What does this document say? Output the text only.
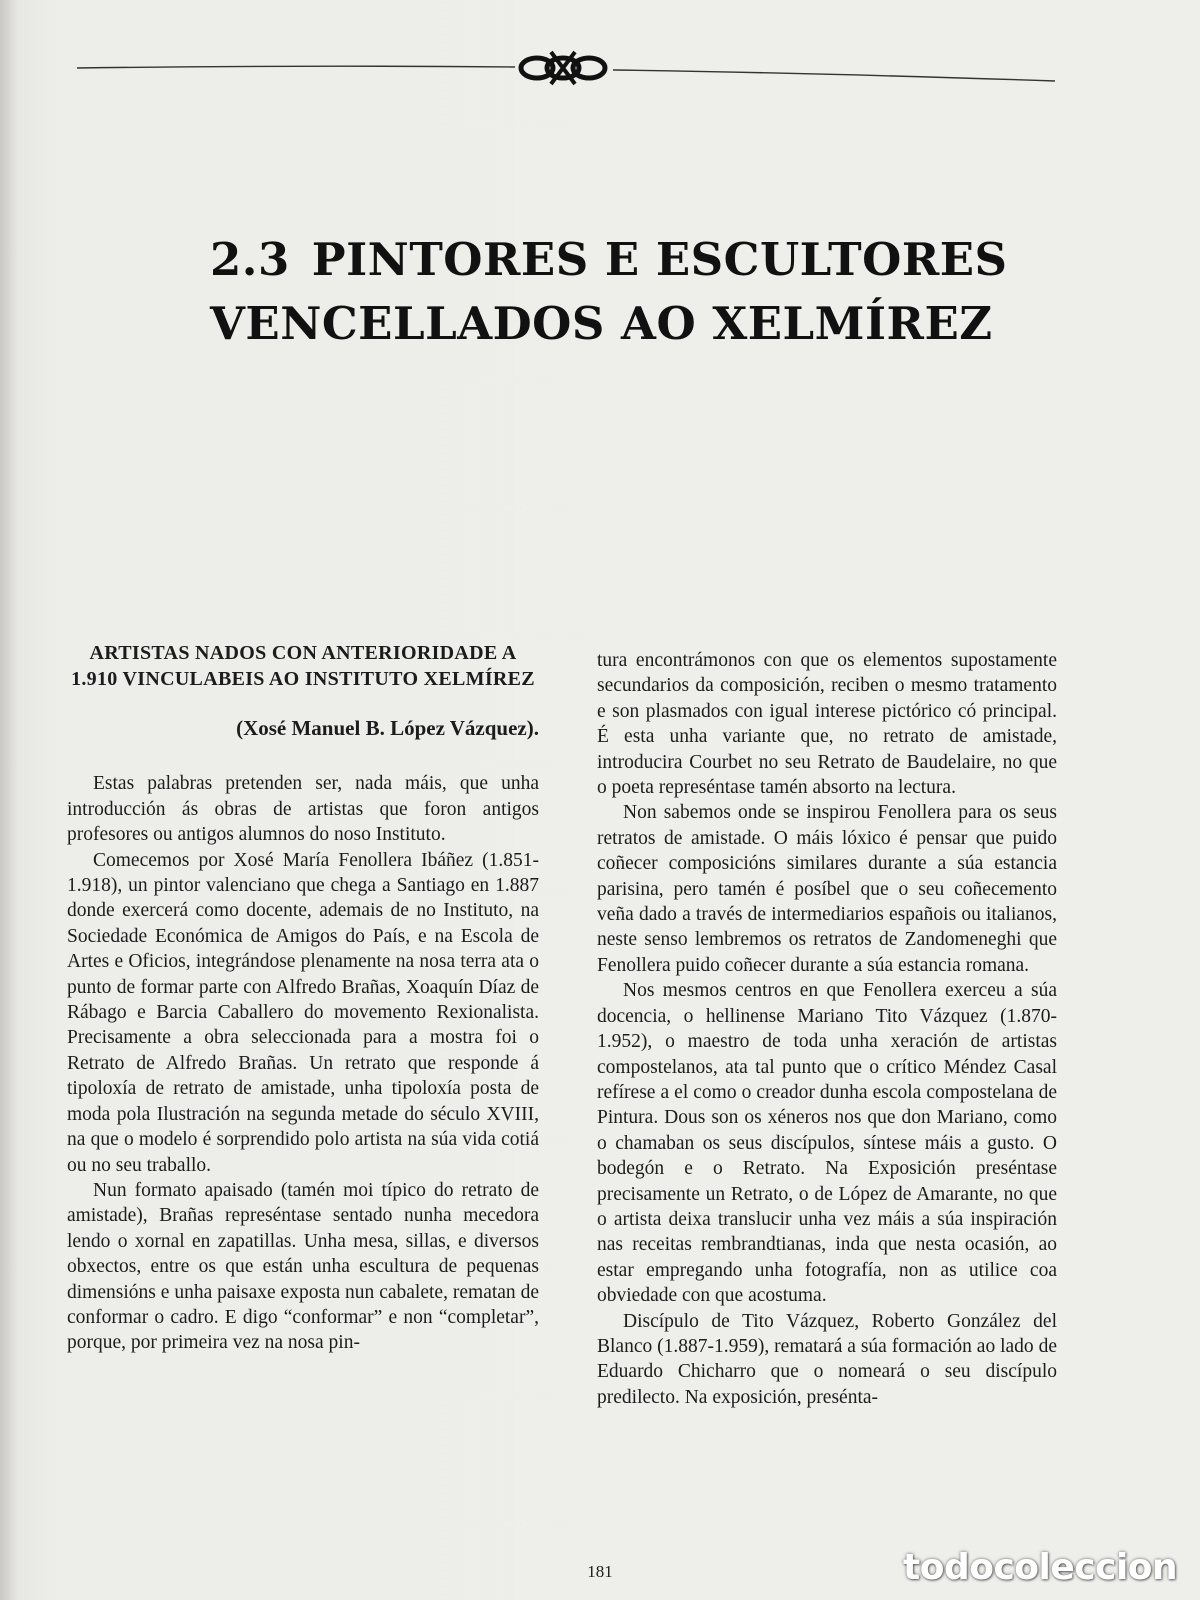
2.3 PINTORES E ESCULTORES
VENCELLADOS AO XELMÍREZ
ARTISTAS NADOS CON ANTERIORIDADE A 1.910 VINCULABEIS AO INSTITUTO XELMÍREZ
(Xosé Manuel B. López Vázquez).

Estas palabras pretenden ser, nada máis, que unha introducción ás obras de artistas que foron antigos profesores ou antigos alumnos do noso Instituto.

Comecemos por Xosé María Fenollera Ibáñez (1.851-1.918), un pintor valenciano que chega a Santiago en 1.887 donde exercerá como docente, ademais de no Instituto, na Sociedade Económica de Amigos do País, e na Escola de Artes e Oficios, integrándose plenamente na nosa terra ata o punto de formar parte con Alfredo Brañas, Xoaquín Díaz de Rábago e Barcia Caballero do movemento Rexionalista. Precisamente a obra seleccionada para a mostra foi o Retrato de Alfredo Brañas. Un retrato que responde á tipoloxía de retrato de amistade, unha tipoloxía posta de moda pola Ilustración na segunda metade do século XVIII, na que o modelo é sorprendido polo artista na súa vida cotiá ou no seu traballo.

Nun formato apaisado (tamén moi típico do retrato de amistade), Brañas represéntase sentado nunha mecedora lendo o xornal en zapatillas. Unha mesa, sillas, e diversos obxectos, entre os que están unha escultura de pequenas dimensións e unha paisaxe exposta nun cabalete, rematan de conformar o cadro. E digo “conformar” e non “completar”, porque, por primeira vez na nosa pin-

tura encontrámonos con que os elementos supostamente secundarios da composición, reciben o mesmo tratamento e son plasmados con igual interese pictórico có principal. É esta unha variante que, no retrato de amistade, introducira Courbet no seu Retrato de Baudelaire, no que o poeta represéntase tamén absorto na lectura.

Non sabemos onde se inspirou Fenollera para os seus retratos de amistade. O máis lóxico é pensar que puido coñecer composicións similares durante a súa estancia parisina, pero tamén é posíbel que o seu coñecemento veña dado a través de intermediarios españois ou italianos, neste senso lembremos os retratos de Zandomeneghi que Fenollera puido coñecer durante a súa estancia romana.

Nos mesmos centros en que Fenollera exerceu a súa docencia, o hellinense Mariano Tito Vázquez (1.870-1.952), o maestro de toda unha xeración de artistas compostelanos, ata tal punto que o crítico Méndez Casal refírese a el como o creador dunha escola compostelana de Pintura. Dous son os xéneros nos que don Mariano, como o chamaban os seus discípulos, síntese máis a gusto. O bodegón e o Retrato. Na Exposición preséntase precisamente un Retrato, o de López de Amarante, no que o artista deixa translucir unha vez máis a súa inspiración nas receitas rembrandtianas, inda que nesta ocasión, ao estar empregando unha fotografía, non as utilice coa obviedade con que acostuma.

Discípulo de Tito Vázquez, Roberto González del Blanco (1.887-1.959), rematará a súa formación ao lado de Eduardo Chicharro que o nomeará o seu discípulo predilecto. Na exposición, presénta-

181	todocoleccion
